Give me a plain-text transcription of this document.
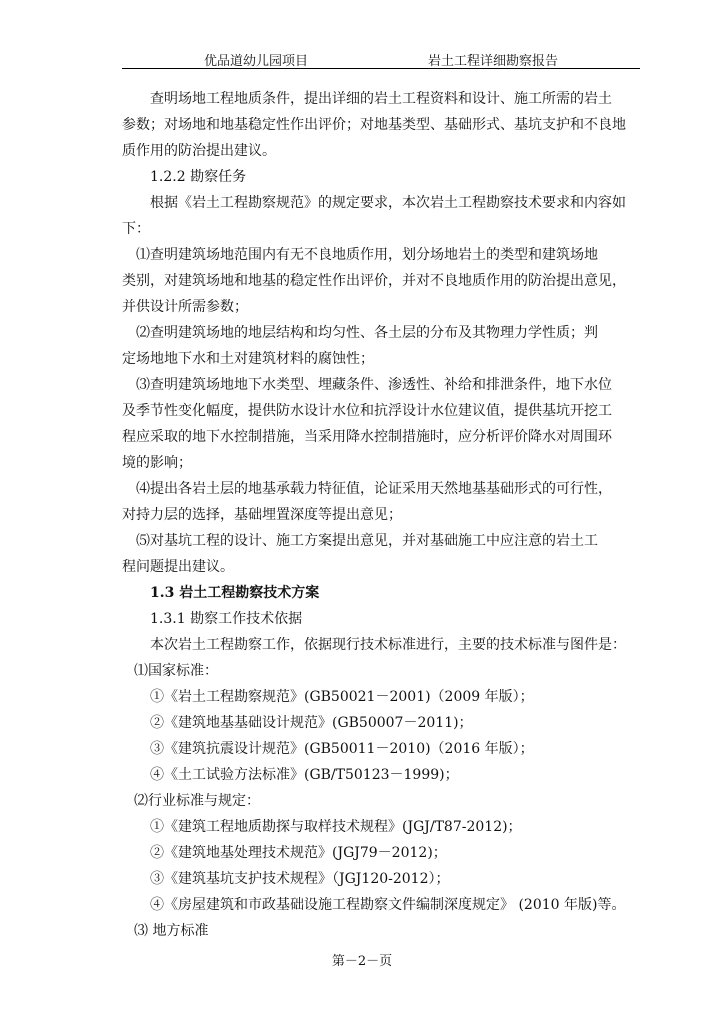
优品道幼儿园项目	岩土工程详细勘察报告
查明场地工程地质条件，提出详细的岩土工程资料和设计、施工所需的岩土
参数；对场地和地基稳定性作出评价；对地基类型、基础形式、基坑支护和不良地
质作用的防治提出建议。
1.2.2 勘察任务
根据《岩土工程勘察规范》的规定要求，本次岩土工程勘察技术要求和内容如
下：
⑴查明建筑场地范围内有无不良地质作用，划分场地岩土的类型和建筑场地
类别，对建筑场地和地基的稳定性作出评价，并对不良地质作用的防治提出意见，
并供设计所需参数；
⑵查明建筑场地的地层结构和均匀性、各土层的分布及其物理力学性质；判
定场地地下水和土对建筑材料的腐蚀性；
⑶查明建筑场地地下水类型、埋藏条件、渗透性、补给和排泄条件，地下水位
及季节性变化幅度，提供防水设计水位和抗浮设计水位建议值，提供基坑开挖工
程应采取的地下水控制措施，当采用降水控制措施时，应分析评价降水对周围环
境的影响；
⑷提出各岩土层的地基承载力特征值，论证采用天然地基基础形式的可行性，
对持力层的选择，基础埋置深度等提出意见；
⑸对基坑工程的设计、施工方案提出意见，并对基础施工中应注意的岩土工
程问题提出建议。
1.3 岩土工程勘察技术方案
1.3.1 勘察工作技术依据
本次岩土工程勘察工作，依据现行技术标准进行，主要的技术标准与图件是：
⑴国家标准：
①《岩土工程勘察规范》(GB50021－2001)（2009 年版）；
②《建筑地基基础设计规范》(GB50007－2011)；
③《建筑抗震设计规范》(GB50011－2010)（2016 年版）；
④《土工试验方法标准》(GB/T50123－1999)；
⑵行业标准与规定：
①《建筑工程地质勘探与取样技术规程》(JGJ/T87-2012)；
②《建筑地基处理技术规范》(JGJ79－2012)；
③《建筑基坑支护技术规程》（JGJ120-2012）；
④《房屋建筑和市政基础设施工程勘察文件编制深度规定》 (2010 年版)等。
⑶ 地方标准
第－2－页
